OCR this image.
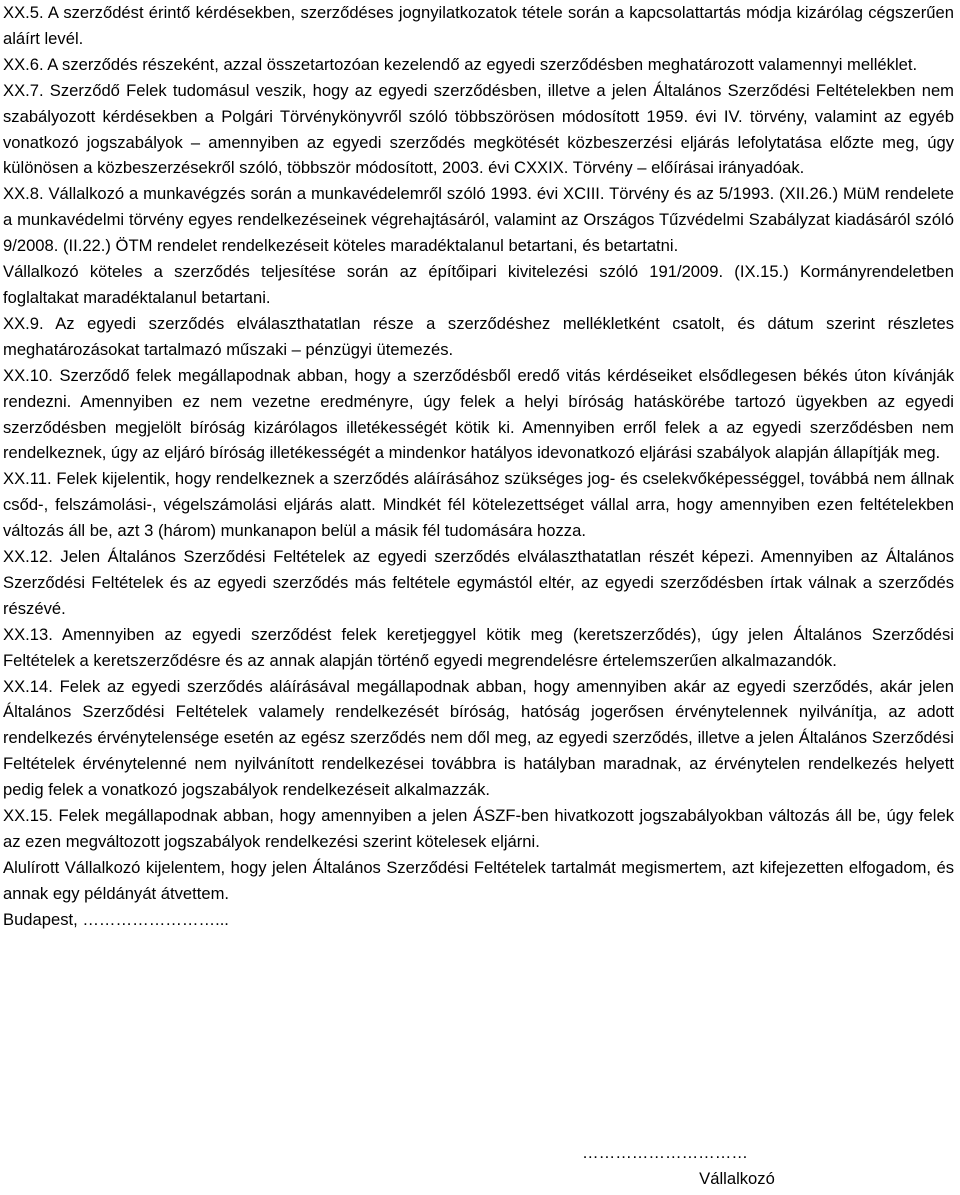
XX.5. A szerződést érintő kérdésekben, szerződéses jognyilatkozatok tétele során a kapcsolattartás módja kizárólag cégszerűen aláírt levél.

XX.6. A szerződés részeként, azzal összetartozóan kezelendő az egyedi szerződésben meghatározott valamennyi melléklet.

XX.7. Szerződő Felek tudomásul veszik, hogy az egyedi szerződésben, illetve a jelen Általános Szerződési Feltételekben nem szabályozott kérdésekben a Polgári Törvénykönyvről szóló többszörösen módosított 1959. évi IV. törvény, valamint az egyéb vonatkozó jogszabályok – amennyiben az egyedi szerződés megkötését közbeszerzési eljárás lefolytatása előzte meg, úgy különösen a közbeszerzésekről szóló, többször módosított, 2003. évi CXXIX. Törvény – előírásai irányadóak.

XX.8. Vállalkozó a munkavégzés során a munkavédelemről szóló 1993. évi XCIII. Törvény és az 5/1993. (XII.26.) MüM rendelete a munkavédelmi törvény egyes rendelkezéseinek végrehajtásáról, valamint az Országos Tűzvédelmi Szabályzat kiadásáról szóló 9/2008. (II.22.) ÖTM rendelet rendelkezéseit köteles maradéktalanul betartani, és betartatni.

Vállalkozó köteles a szerződés teljesítése során az építőipari kivitelezési szóló 191/2009. (IX.15.) Kormányrendeletben foglaltakat maradéktalanul betartani.

XX.9. Az egyedi szerződés elválaszthatatlan része a szerződéshez mellékletként csatolt, és dátum szerint részletes meghatározásokat tartalmazó műszaki – pénzügyi ütemezés.

XX.10. Szerződő felek megállapodnak abban, hogy a szerződésből eredő vitás kérdéseiket elsődlegesen békés úton kívánják rendezni. Amennyiben ez nem vezetne eredményre, úgy felek a helyi bíróság hatáskörébe tartozó ügyekben az egyedi szerződésben megjelölt bíróság kizárólagos illetékességét kötik ki. Amennyiben erről felek a az egyedi szerződésben nem rendelkeznek, úgy az eljáró bíróság illetékességét a mindenkor hatályos idevonatkozó eljárási szabályok alapján állapítják meg.

XX.11. Felek kijelentik, hogy rendelkeznek a szerződés aláírásához szükséges jog- és cselekvőképességgel, továbbá nem állnak csőd-, felszámolási-, végelszámolási eljárás alatt. Mindkét fél kötelezettséget vállal arra, hogy amennyiben ezen feltételekben változás áll be, azt 3 (három) munkanapon belül a másik fél tudomására hozza.

XX.12. Jelen Általános Szerződési Feltételek az egyedi szerződés elválaszthatatlan részét képezi. Amennyiben az Általános Szerződési Feltételek és az egyedi szerződés más feltétele egymástól eltér, az egyedi szerződésben írtak válnak a szerződés részévé.

XX.13. Amennyiben az egyedi szerződést felek keretjeggyel kötik meg (keretszerződés), úgy jelen Általános Szerződési Feltételek a keretszerződésre és az annak alapján történő egyedi megrendelésre értelemszerűen alkalmazandók.

XX.14. Felek az egyedi szerződés aláírásával megállapodnak abban, hogy amennyiben akár az egyedi szerződés, akár jelen Általános Szerződési Feltételek valamely rendelkezését bíróság, hatóság jogerősen érvénytelennek nyilvánítja, az adott rendelkezés érvénytelensége esetén az egész szerződés nem dől meg, az egyedi szerződés, illetve a jelen Általános Szerződési Feltételek érvénytelenné nem nyilvánított rendelkezései továbbra is hatályban maradnak, az érvénytelen rendelkezés helyett pedig felek a vonatkozó jogszabályok rendelkezéseit alkalmazzák.

XX.15. Felek megállapodnak abban, hogy amennyiben a jelen ÁSZF-ben hivatkozott jogszabályokban változás áll be, úgy felek az ezen megváltozott jogszabályok rendelkezési szerint kötelesek eljárni.

Alulírott Vállalkozó kijelentem, hogy jelen Általános Szerződési Feltételek tartalmát megismertem, azt kifejezetten elfogadom, és annak egy példányát átvettem.

Budapest, ……………………...

…………………………
Vállalkozó
